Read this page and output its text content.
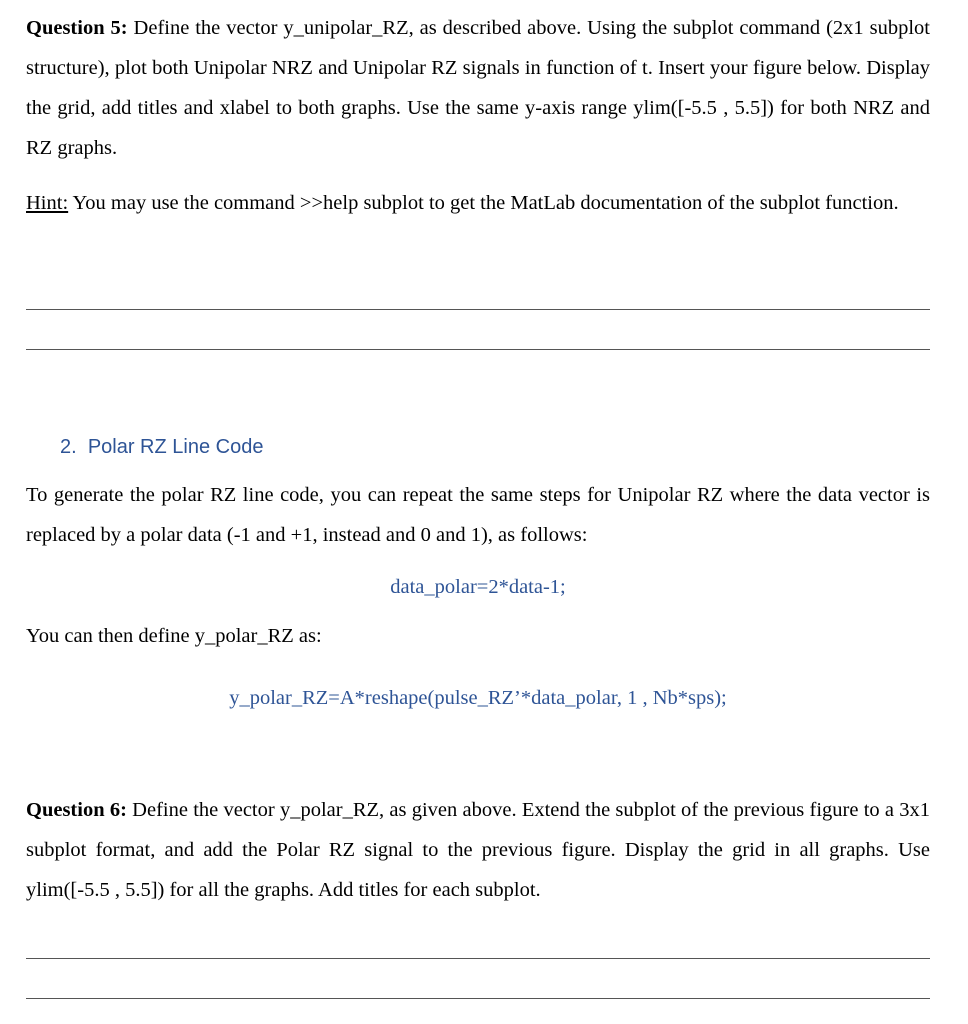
Question 5: Define the vector y_unipolar_RZ, as described above. Using the subplot command (2x1 subplot structure), plot both Unipolar NRZ and Unipolar RZ signals in function of t. Insert your figure below. Display the grid, add titles and xlabel to both graphs. Use the same y-axis range ylim([-5.5 , 5.5]) for both NRZ and RZ graphs.

Hint: You may use the command >>help subplot to get the MatLab documentation of the subplot function.

2. Polar RZ Line Code

To generate the polar RZ line code, you can repeat the same steps for Unipolar RZ where the data vector is replaced by a polar data (-1 and +1, instead and 0 and 1), as follows:

data_polar=2*data-1;

You can then define y_polar_RZ as:

y_polar_RZ=A*reshape(pulse_RZ’*data_polar, 1 , Nb*sps);

Question 6: Define the vector y_polar_RZ, as given above. Extend the subplot of the previous figure to a 3x1 subplot format, and add the Polar RZ signal to the previous figure. Display the grid in all graphs. Use ylim([-5.5 , 5.5]) for all the graphs. Add titles for each subplot.
